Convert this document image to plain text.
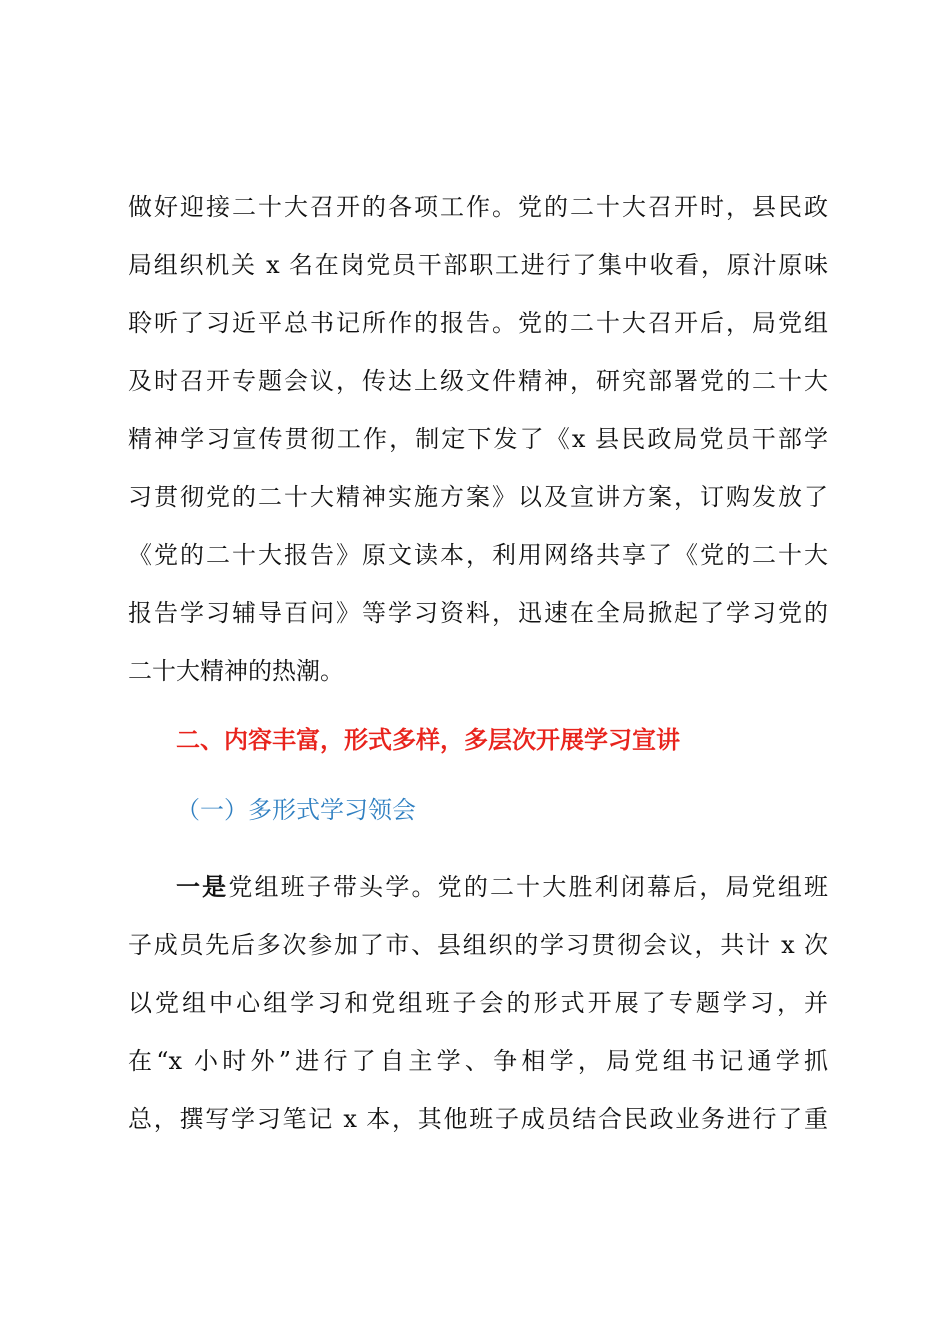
做好迎接二十大召开的各项工作。党的二十大召开时，县民政
局组织机关 x 名在岗党员干部职工进行了集中收看，原汁原味
聆听了习近平总书记所作的报告。党的二十大召开后，局党组
及时召开专题会议，传达上级文件精神，研究部署党的二十大
精神学习宣传贯彻工作，制定下发了《x 县民政局党员干部学
习贯彻党的二十大精神实施方案》以及宣讲方案，订购发放了
《党的二十大报告》原文读本，利用网络共享了《党的二十大
报告学习辅导百问》等学习资料，迅速在全局掀起了学习党的
二十大精神的热潮。
二、内容丰富，形式多样，多层次开展学习宣讲
（一）多形式学习领会
一是党组班子带头学。党的二十大胜利闭幕后，局党组班
子成员先后多次参加了市、县组织的学习贯彻会议，共计 x 次
以党组中心组学习和党组班子会的形式开展了专题学习，并
在“x 小时外”进行了自主学、争相学，局党组书记通学抓
总，撰写学习笔记 x 本，其他班子成员结合民政业务进行了重
